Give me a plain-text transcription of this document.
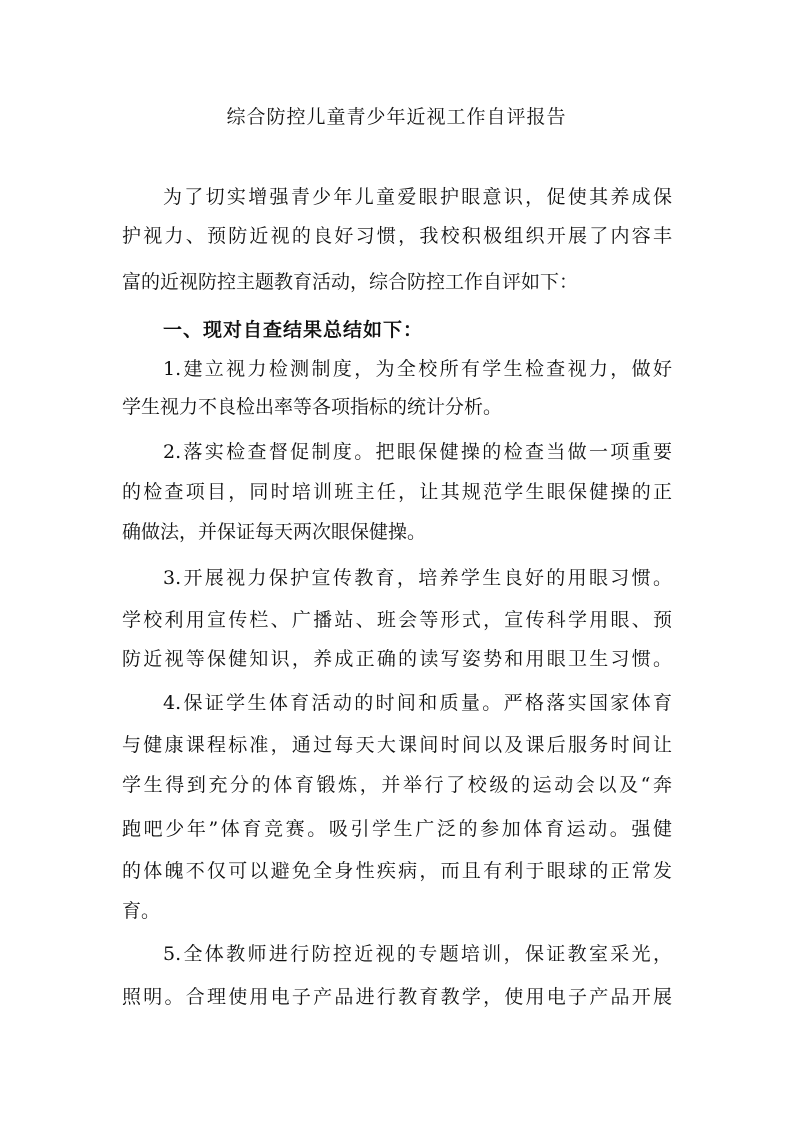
综合防控儿童青少年近视工作自评报告

为了切实增强青少年儿童爱眼护眼意识，促使其养成保

护视力、预防近视的良好习惯，我校积极组织开展了内容丰

富的近视防控主题教育活动，综合防控工作自评如下：

一、现对自查结果总结如下：

1.建立视力检测制度，为全校所有学生检查视力，做好

学生视力不良检出率等各项指标的统计分析。

2.落实检查督促制度。把眼保健操的检查当做一项重要

的检查项目，同时培训班主任，让其规范学生眼保健操的正

确做法，并保证每天两次眼保健操。

3.开展视力保护宣传教育，培养学生良好的用眼习惯。

学校利用宣传栏、广播站、班会等形式，宣传科学用眼、预

防近视等保健知识，养成正确的读写姿势和用眼卫生习惯。

4.保证学生体育活动的时间和质量。严格落实国家体育

与健康课程标准，通过每天大课间时间以及课后服务时间让

学生得到充分的体育锻炼，并举行了校级的运动会以及“奔

跑吧少年”体育竞赛。吸引学生广泛的参加体育运动。强健

的体魄不仅可以避免全身性疾病，而且有利于眼球的正常发

育。

5.全体教师进行防控近视的专题培训，保证教室采光，

照明。合理使用电子产品进行教育教学，使用电子产品开展
